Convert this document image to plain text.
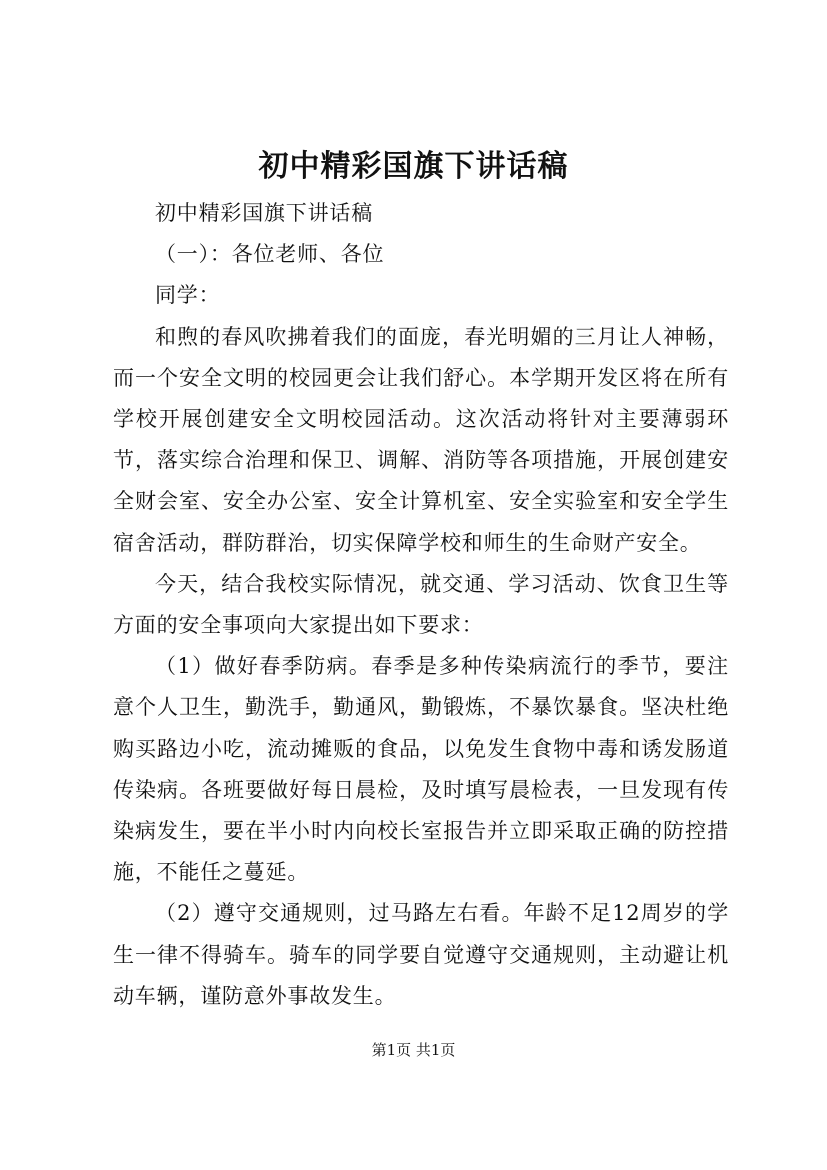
初中精彩国旗下讲话稿

初中精彩国旗下讲话稿

（一）：各位老师、各位

同学：

和煦的春风吹拂着我们的面庞，春光明媚的三月让人神畅，而一个安全文明的校园更会让我们舒心。本学期开发区将在所有学校开展创建安全文明校园活动。这次活动将针对主要薄弱环节，落实综合治理和保卫、调解、消防等各项措施，开展创建安全财会室、安全办公室、安全计算机室、安全实验室和安全学生宿舍活动，群防群治，切实保障学校和师生的生命财产安全。

今天，结合我校实际情况，就交通、学习活动、饮食卫生等方面的安全事项向大家提出如下要求：

（1）做好春季防病。春季是多种传染病流行的季节，要注意个人卫生，勤洗手，勤通风，勤锻炼，不暴饮暴食。坚决杜绝购买路边小吃，流动摊贩的食品，以免发生食物中毒和诱发肠道传染病。各班要做好每日晨检，及时填写晨检表，一旦发现有传染病发生，要在半小时内向校长室报告并立即采取正确的防控措施，不能任之蔓延。

（2）遵守交通规则，过马路左右看。年龄不足12周岁的学生一律不得骑车。骑车的同学要自觉遵守交通规则，主动避让机动车辆，谨防意外事故发生。

第1页 共1页
